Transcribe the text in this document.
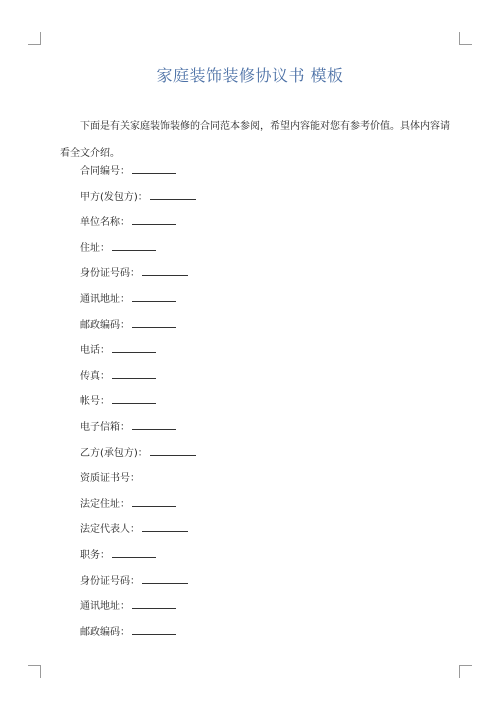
家庭装饰装修协议书 模板
下面是有关家庭装饰装修的合同范本参阅，希望内容能对您有参考价值。具体内容请看全文介绍。
合同编号：
甲方(发包方)：
单位名称：
住址：
身份证号码：
通讯地址：
邮政编码：
电话：
传真：
帐号：
电子信箱：
乙方(承包方)：
资质证书号：
法定住址：
法定代表人：
职务：
身份证号码：
通讯地址：
邮政编码：
